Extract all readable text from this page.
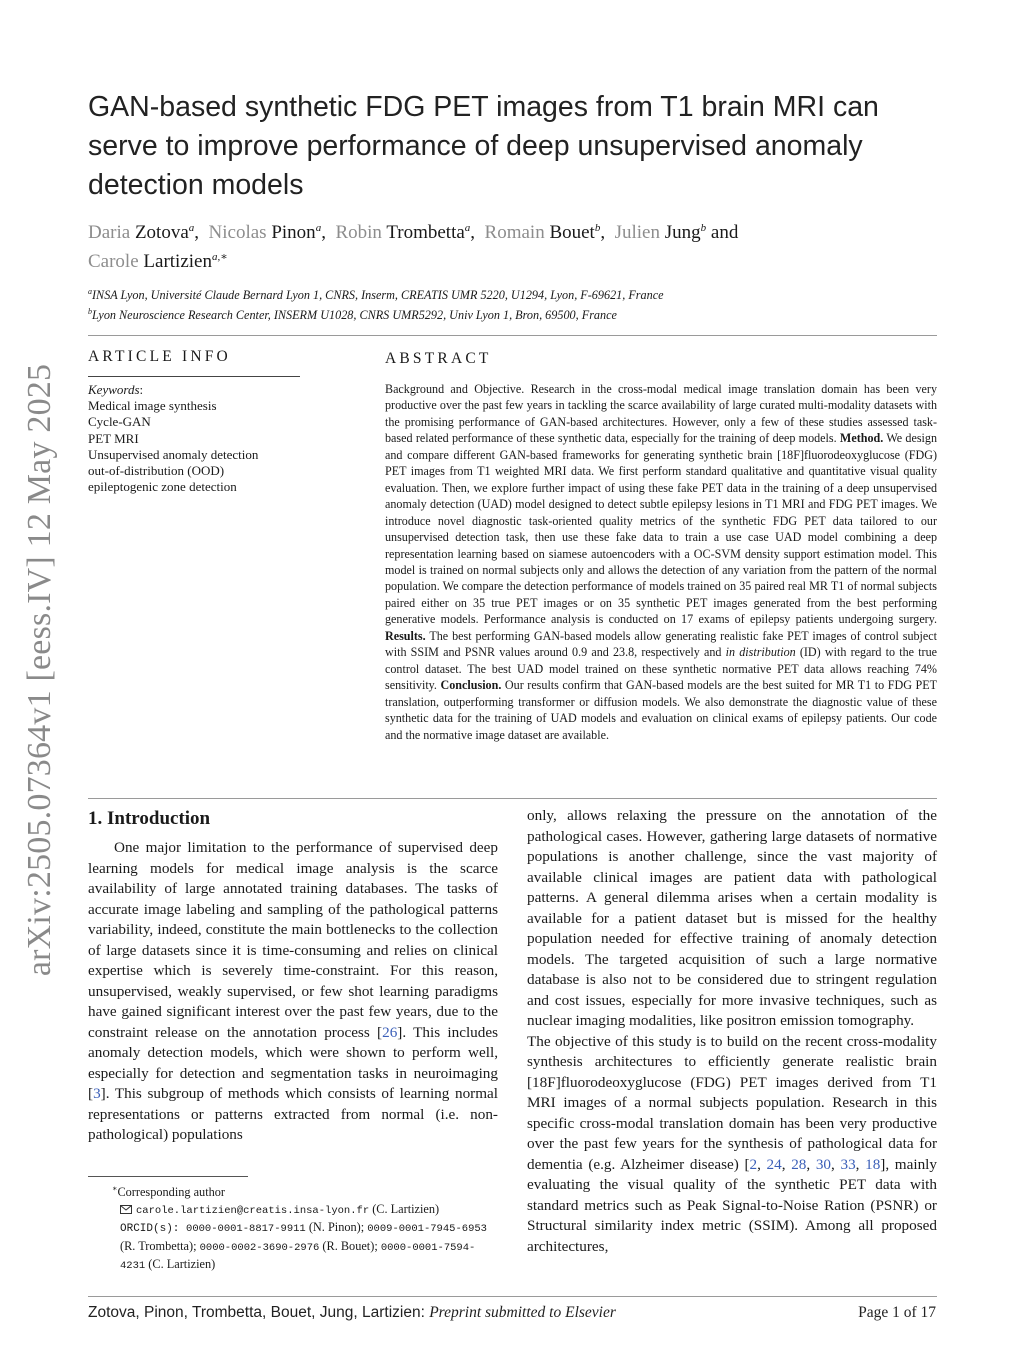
arXiv:2505.07364v1 [eess.IV] 12 May 2025
GAN-based synthetic FDG PET images from T1 brain MRI can serve to improve performance of deep unsupervised anomaly detection models
Daria Zotova$^a$,  Nicolas Pinon$^a$,  Robin Trombetta$^a$,  Romain Bouet$^b$,  Julien Jung$^b$ and
Carole Lartizien$^{a,∗}$
$^a$INSA Lyon, Université Claude Bernard Lyon 1, CNRS, Inserm, CREATIS UMR 5220, U1294, Lyon, F-69621, France
$^b$Lyon Neuroscience Research Center, INSERM U1028, CNRS UMR5292, Univ Lyon 1, Bron, 69500, France
ARTICLE INFO
Keywords:
Medical image synthesis
Cycle-GAN
PET MRI
Unsupervised anomaly detection
out-of-distribution (OOD)
epileptogenic zone detection
ABSTRACT
Background and Objective. Research in the cross-modal medical image translation domain has been very productive over the past few years in tackling the scarce availability of large curated multi-modality datasets with the promising performance of GAN-based architectures. However, only a few of these studies assessed task-based related performance of these synthetic data, especially for the training of deep models. Method. We design and compare different GAN-based frameworks for generating synthetic brain [18F]fluorodeoxyglucose (FDG) PET images from T1 weighted MRI data. We first perform standard qualitative and quantitative visual quality evaluation. Then, we explore further impact of using these fake PET data in the training of a deep unsupervised anomaly detection (UAD) model designed to detect subtle epilepsy lesions in T1 MRI and FDG PET images. We introduce novel diagnostic task-oriented quality metrics of the synthetic FDG PET data tailored to our unsupervised detection task, then use these fake data to train a use case UAD model combining a deep representation learning based on siamese autoencoders with a OC-SVM density support estimation model. This model is trained on normal subjects only and allows the detection of any variation from the pattern of the normal population. We compare the detection performance of models trained on 35 paired real MR T1 of normal subjects paired either on 35 true PET images or on 35 synthetic PET images generated from the best performing generative models. Performance analysis is conducted on 17 exams of epilepsy patients undergoing surgery. Results. The best performing GAN-based models allow generating realistic fake PET images of control subject with SSIM and PSNR values around 0.9 and 23.8, respectively and in distribution (ID) with regard to the true control dataset. The best UAD model trained on these synthetic normative PET data allows reaching 74% sensitivity. Conclusion. Our results confirm that GAN-based models are the best suited for MR T1 to FDG PET translation, outperforming transformer or diffusion models. We also demonstrate the diagnostic value of these synthetic data for the training of UAD models and evaluation on clinical exams of epilepsy patients. Our code and the normative image dataset are available.
1. Introduction

One major limitation to the performance of supervised deep learning models for medical image analysis is the scarce availability of large annotated training databases. The tasks of accurate image labeling and sampling of the pathological patterns variability, indeed, constitute the main bottlenecks to the collection of large datasets since it is time-consuming and relies on clinical expertise which is severely time-constraint. For this reason, unsupervised, weakly supervised, or few shot learning paradigms have gained significant interest over the past few years, due to the constraint release on the annotation process [26]. This includes anomaly detection models, which were shown to perform well, especially for detection and segmentation tasks in neuroimaging [3]. This subgroup of methods which consists of learning normal representations or patterns extracted from normal (i.e. non-pathological) populations

only, allows relaxing the pressure on the annotation of the pathological cases. However, gathering large datasets of normative populations is another challenge, since the vast majority of available clinical images are patient data with pathological patterns. A general dilemma arises when a certain modality is available for a patient dataset but is missed for the healthy population needed for effective training of anomaly detection models. The targeted acquisition of such a large normative database is also not to be considered due to stringent regulation and cost issues, especially for more invasive techniques, such as nuclear imaging modalities, like positron emission tomography.

The objective of this study is to build on the recent cross-modality synthesis architectures to efficiently generate realistic brain [18F]fluorodeoxyglucose (FDG) PET images derived from T1 MRI images of a normal subjects population. Research in this specific cross-modal translation domain has been very productive over the past few years for the synthesis of pathological data for dementia (e.g. Alzheimer disease) [2, 24, 28, 30, 33, 18], mainly evaluating the visual quality of the synthetic PET data with standard metrics such as Peak Signal-to-Noise Ration (PSNR) or Structural similarity index metric (SSIM). Among all proposed architectures,

∗Corresponding author
carole.lartizien@creatis.insa-lyon.fr (C. Lartizien)
ORCID(s): 0000-0001-8817-9911 (N. Pinon); 0009-0001-7945-6953 (R. Trombetta); 0000-0002-3690-2976 (R. Bouet); 0000-0001-7594-4231 (C. Lartizien)
Zotova, Pinon, Trombetta, Bouet, Jung, Lartizien: Preprint submitted to Elsevier	Page 1 of 17
